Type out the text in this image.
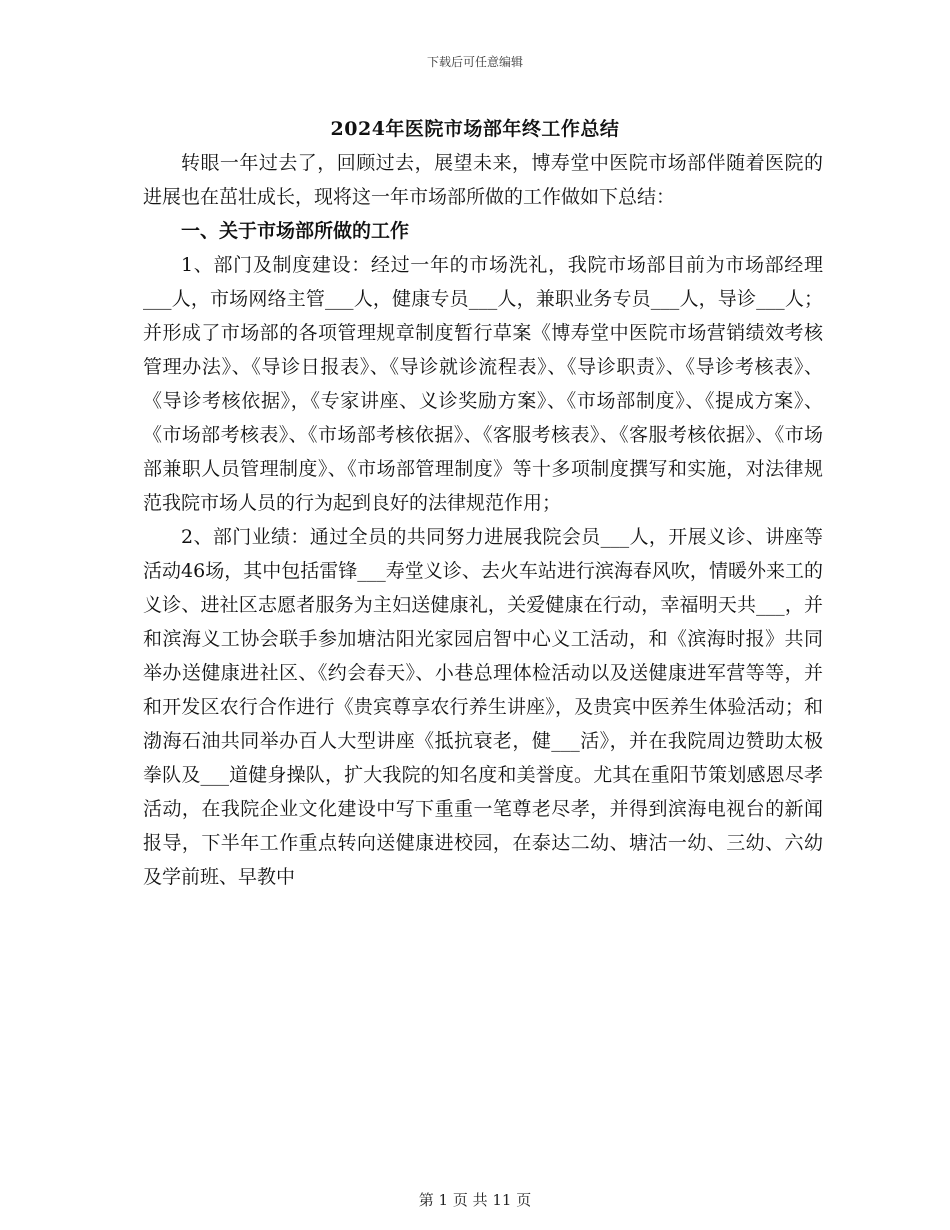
下载后可任意编辑
2024年医院市场部年终工作总结

转眼一年过去了，回顾过去，展望未来，博寿堂中医院市场部伴随着医院的进展也在茁壮成长，现将这一年市场部所做的工作做如下总结：

一、关于市场部所做的工作

1、部门及制度建设：经过一年的市场洗礼，我院市场部目前为市场部经理___人，市场网络主管___人，健康专员___人，兼职业务专员___人，导诊___人；并形成了市场部的各项管理规章制度暂行草案《博寿堂中医院市场营销绩效考核管理办法》、《导诊日报表》、《导诊就诊流程表》、《导诊职责》、《导诊考核表》、《导诊考核依据》，《专家讲座、义诊奖励方案》、《市场部制度》、《提成方案》、《市场部考核表》、《市场部考核依据》、《客服考核表》、《客服考核依据》、《市场部兼职人员管理制度》、《市场部管理制度》等十多项制度撰写和实施，对法律规范我院市场人员的行为起到良好的法律规范作用；

2、部门业绩：通过全员的共同努力进展我院会员___人，开展义诊、讲座等活动46场，其中包括雷锋___寿堂义诊、去火车站进行滨海春风吹，情暖外来工的义诊、进社区志愿者服务为主妇送健康礼，关爱健康在行动，幸福明天共___，并和滨海义工协会联手参加塘沽阳光家园启智中心义工活动，和《滨海时报》共同举办送健康进社区、《约会春天》、小巷总理体检活动以及送健康进军营等等，并和开发区农行合作进行《贵宾尊享农行养生讲座》，及贵宾中医养生体验活动；和渤海石油共同举办百人大型讲座《抵抗衰老，健___活》，并在我院周边赞助太极拳队及___道健身操队，扩大我院的知名度和美誉度。尤其在重阳节策划感恩尽孝活动，在我院企业文化建设中写下重重一笔尊老尽孝，并得到滨海电视台的新闻报导，下半年工作重点转向送健康进校园，在泰达二幼、塘沽一幼、三幼、六幼及学前班、早教中

第 1 页 共 11 页
